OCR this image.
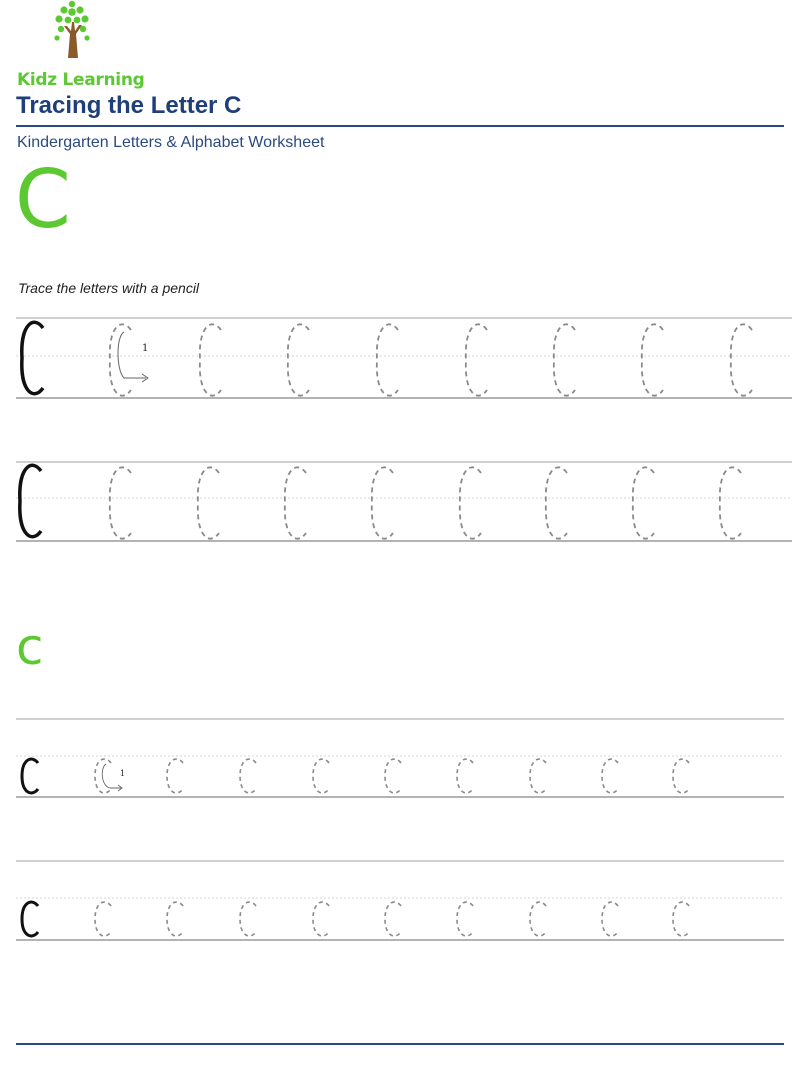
Kidz Learning
Tracing the Letter C
Kindergarten Letters & Alphabet Worksheet
C
Trace the letters with a pencil
c
1
1
